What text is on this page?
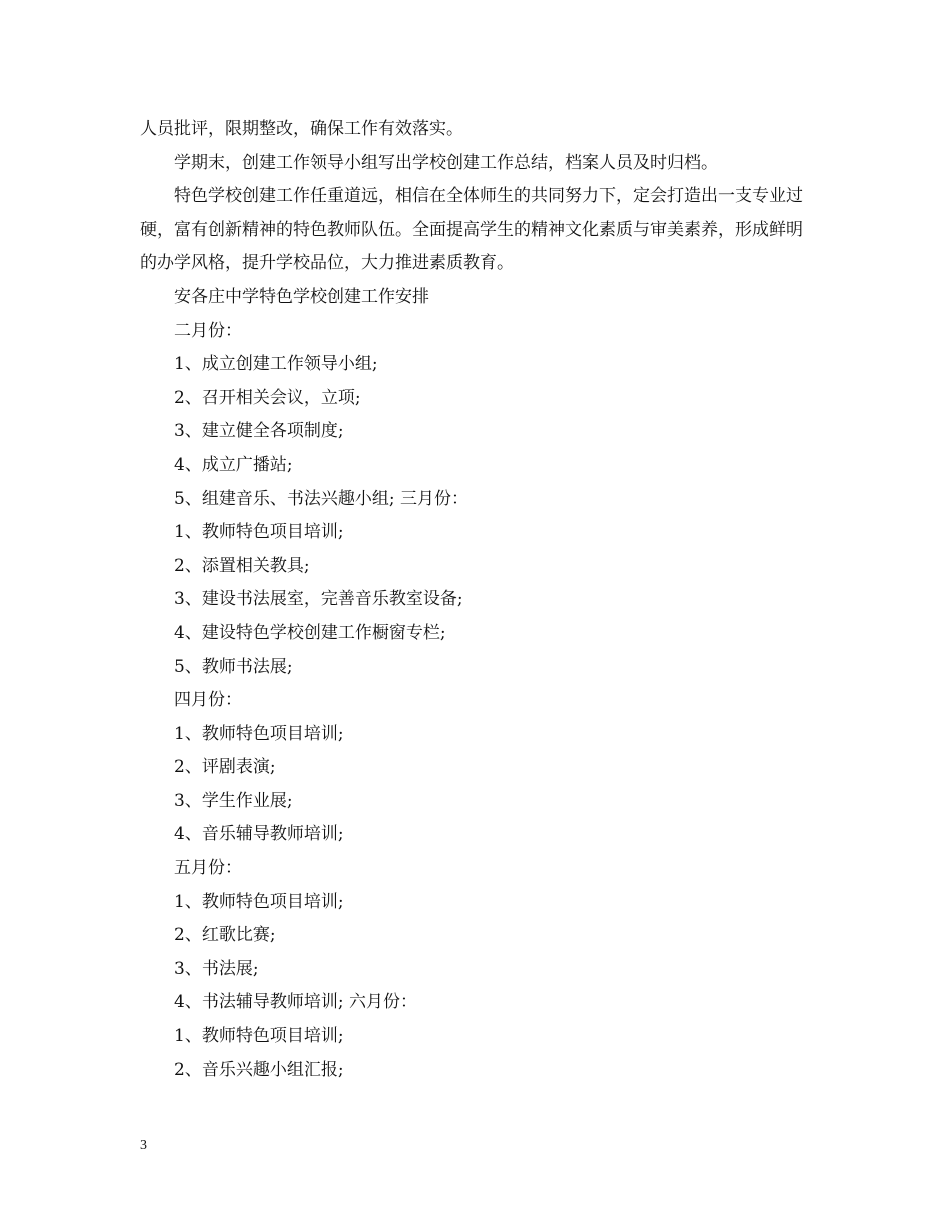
人员批评，限期整改，确保工作有效落实。

学期末，创建工作领导小组写出学校创建工作总结，档案人员及时归档。

特色学校创建工作任重道远，相信在全体师生的共同努力下，定会打造出一支专业过硬，富有创新精神的特色教师队伍。全面提高学生的精神文化素质与审美素养，形成鲜明的办学风格，提升学校品位，大力推进素质教育。

安各庄中学特色学校创建工作安排

二月份：

1、成立创建工作领导小组;

2、召开相关会议，立项;

3、建立健全各项制度;

4、成立广播站;

5、组建音乐、书法兴趣小组; 三月份：

1、教师特色项目培训;

2、添置相关教具;

3、建设书法展室，完善音乐教室设备;

4、建设特色学校创建工作橱窗专栏;

5、教师书法展;

四月份：

1、教师特色项目培训;

2、评剧表演;

3、学生作业展;

4、音乐辅导教师培训;

五月份：

1、教师特色项目培训;

2、红歌比赛;

3、书法展;

4、书法辅导教师培训; 六月份：

1、教师特色项目培训;

2、音乐兴趣小组汇报;

3
